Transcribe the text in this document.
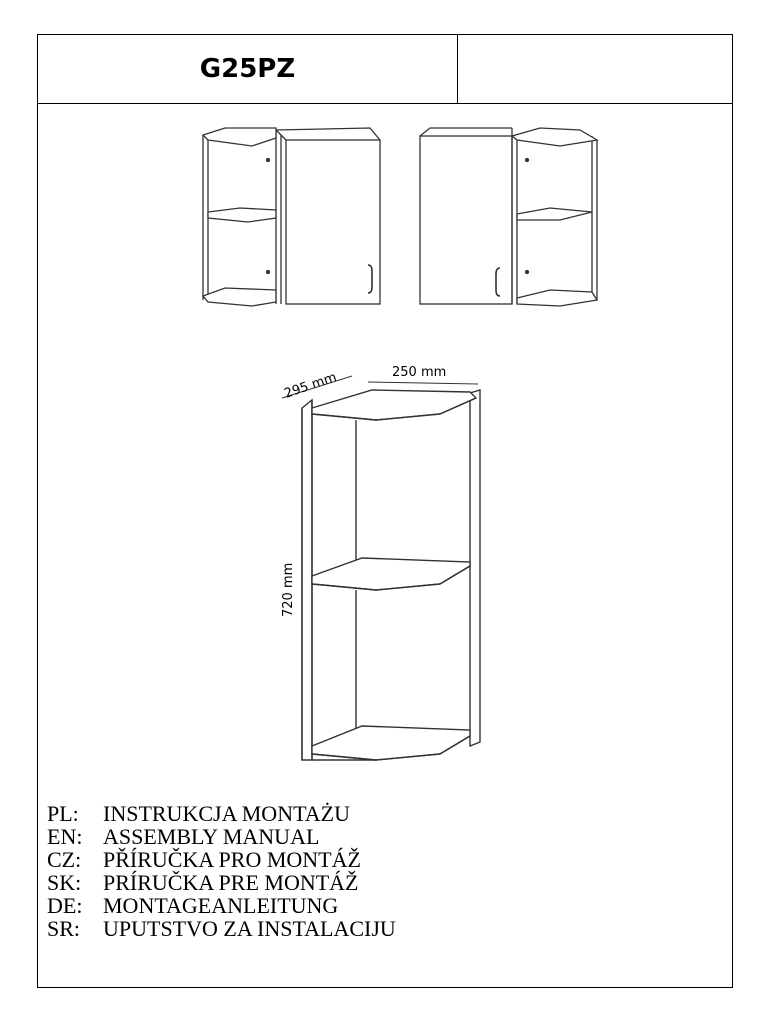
G25PZ
295 mm	250 mm
720 mm
PL:	INSTRUKCJA MONTAŻU
EN: ASSEMBLY MANUAL
CZ: PŘÍRUČKA PRO MONTÁŽ
SK: PRÍRUČKA PRE MONTÁŽ
DE: MONTAGEANLEITUNG
SR:	UPUTSTVO ZA INSTALACIJU
